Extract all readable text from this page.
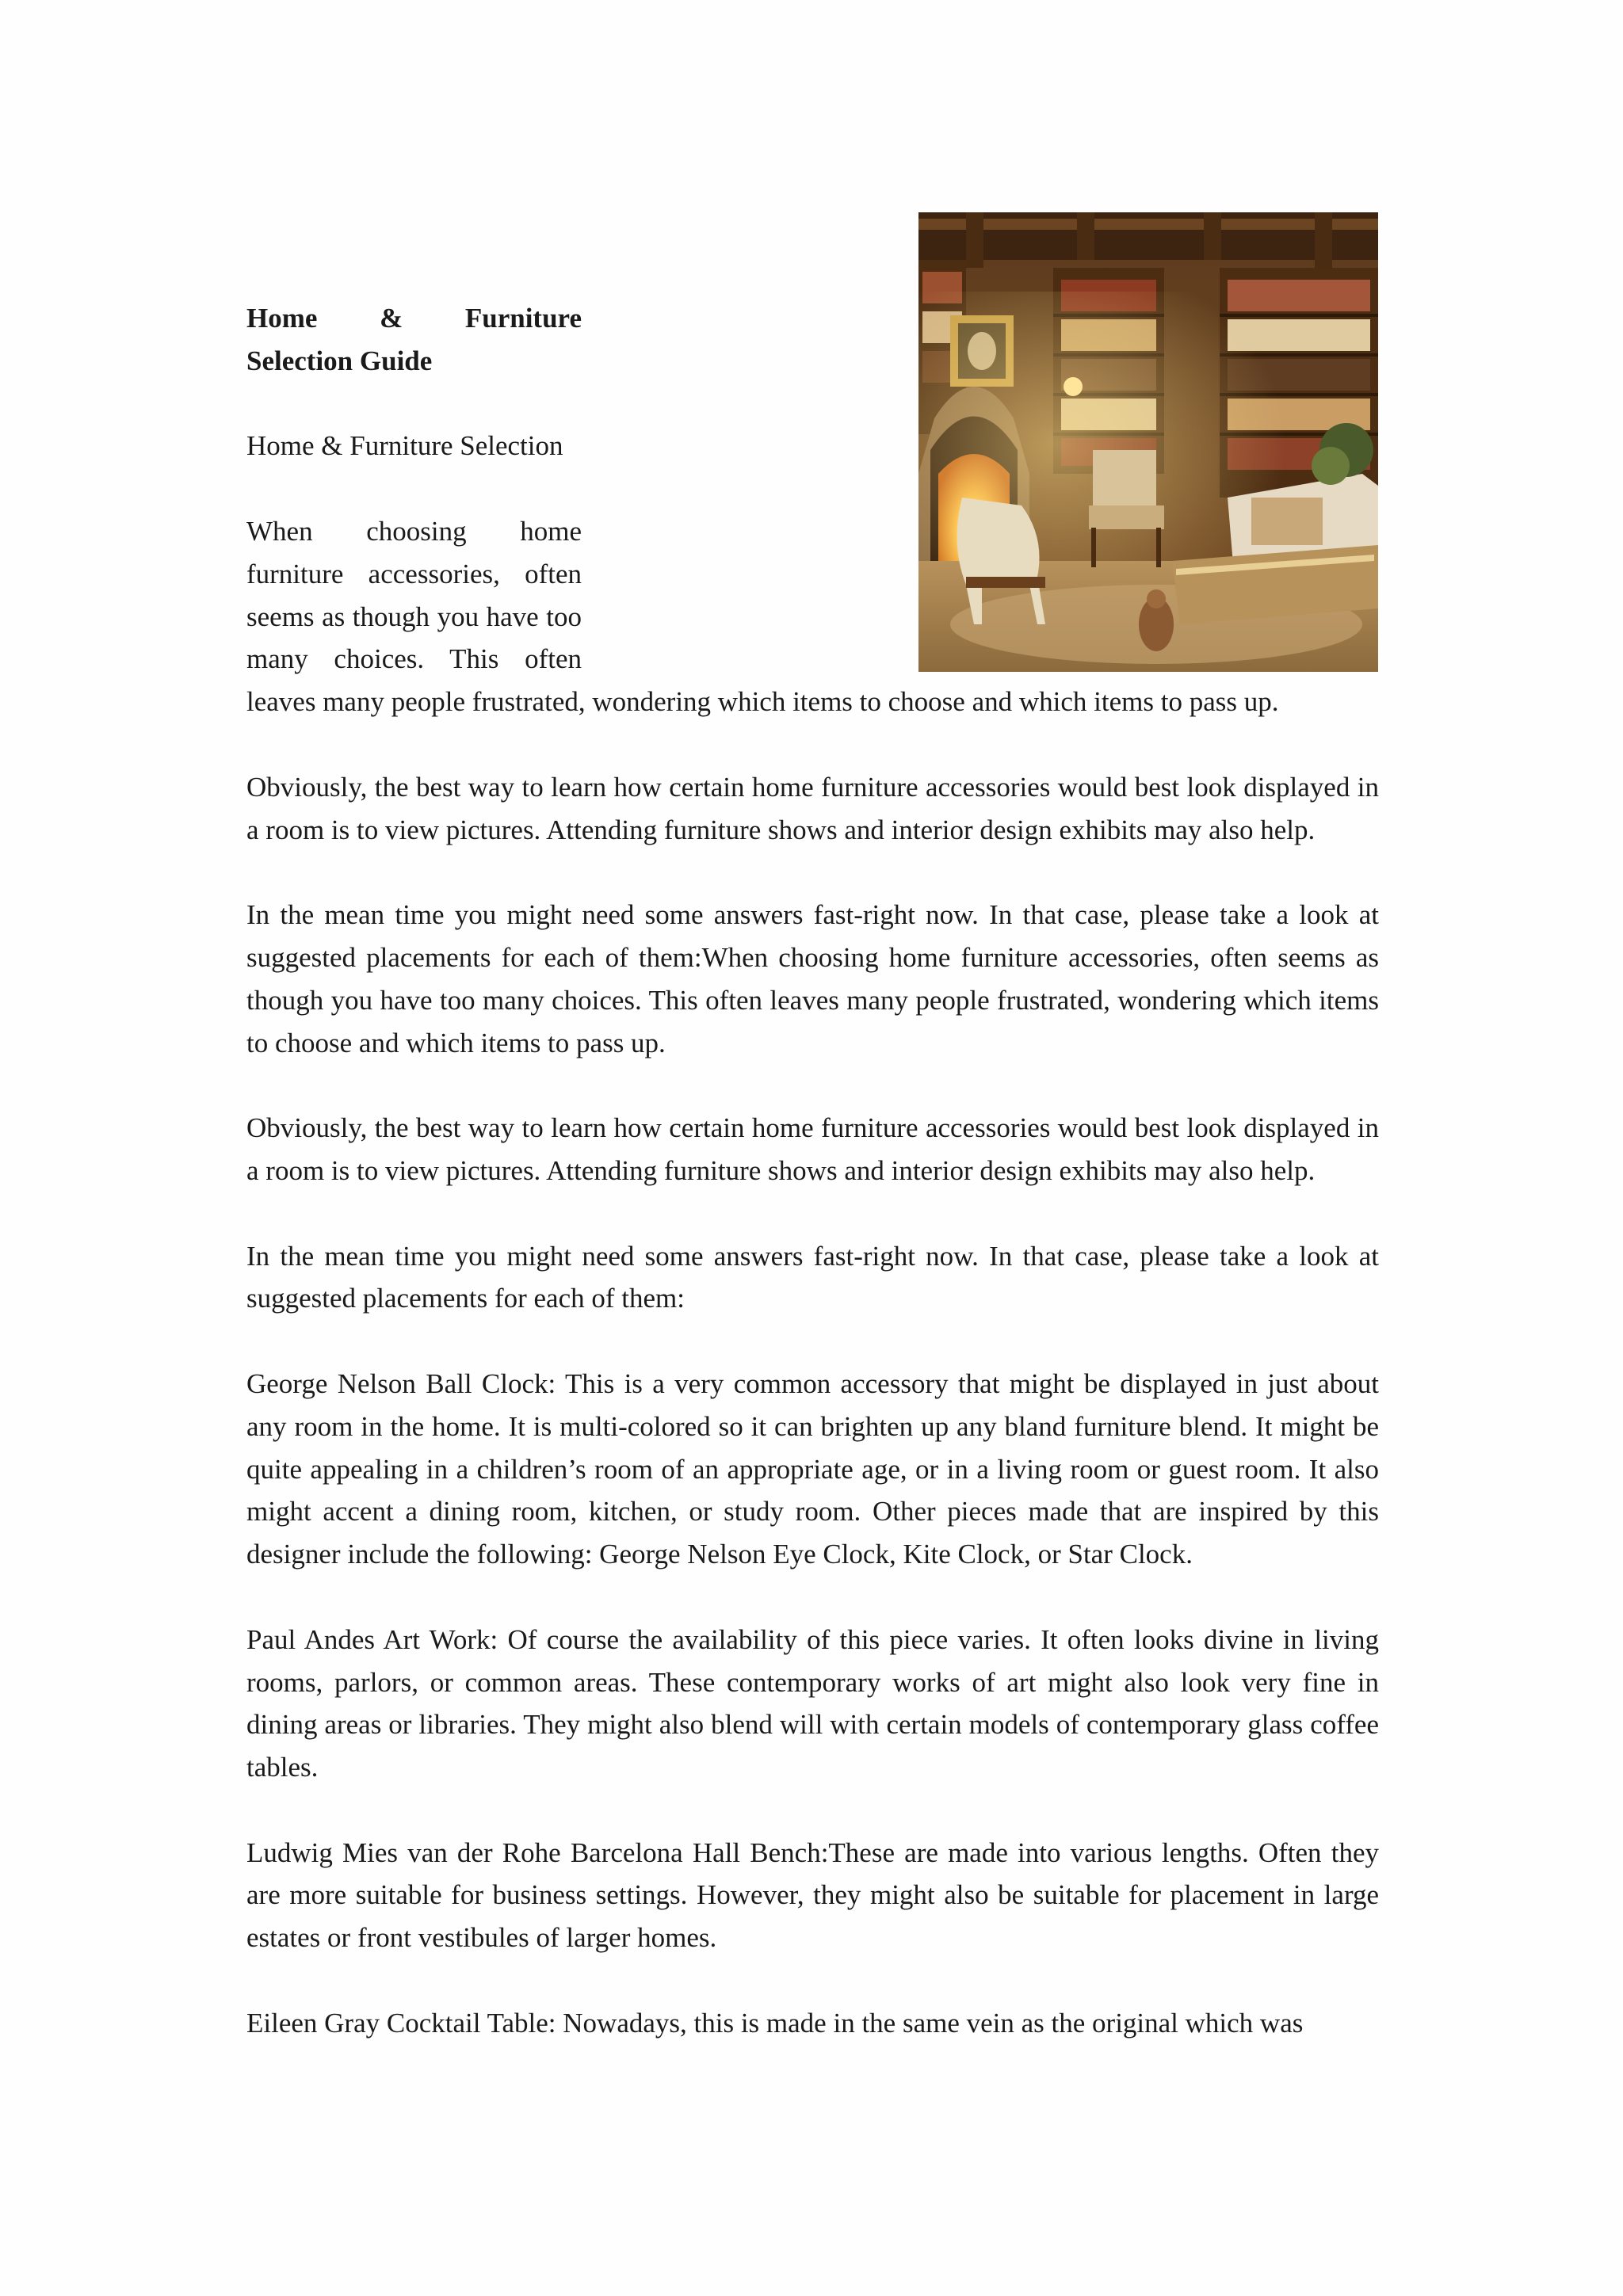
Home & Furniture Selection Guide

Home & Furniture Selection

When choosing home furniture accessories, often seems as though you have too many choices. This often leaves many people frustrated, wondering which items to choose and which items to pass up.

Obviously, the best way to learn how certain home furniture accessories would best look displayed in a room is to view pictures. Attending furniture shows and interior design exhibits may also help.

In the mean time you might need some answers fast-right now. In that case, please take a look at suggested placements for each of them:When choosing home furniture accessories, often seems as though you have too many choices. This often leaves many people frustrated, wondering which items to choose and which items to pass up.

Obviously, the best way to learn how certain home furniture accessories would best look displayed in a room is to view pictures. Attending furniture shows and interior design exhibits may also help.

In the mean time you might need some answers fast-right now. In that case, please take a look at suggested placements for each of them:

George Nelson Ball Clock: This is a very common accessory that might be displayed in just about any room in the home. It is multi-colored so it can brighten up any bland furniture blend. It might be quite appealing in a children’s room of an appropriate age, or in a living room or guest room. It also might accent a dining room, kitchen, or study room. Other pieces made that are inspired by this designer include the following: George Nelson Eye Clock, Kite Clock, or Star Clock.

Paul Andes Art Work: Of course the availability of this piece varies. It often looks divine in living rooms, parlors, or common areas. These contemporary works of art might also look very fine in dining areas or libraries. They might also blend will with certain models of contemporary glass coffee tables.

Ludwig Mies van der Rohe Barcelona Hall Bench:These are made into various lengths. Often they are more suitable for business settings. However, they might also be suitable for placement in large estates or front vestibules of larger homes.

Eileen Gray Cocktail Table: Nowadays, this is made in the same vein as the original which was
